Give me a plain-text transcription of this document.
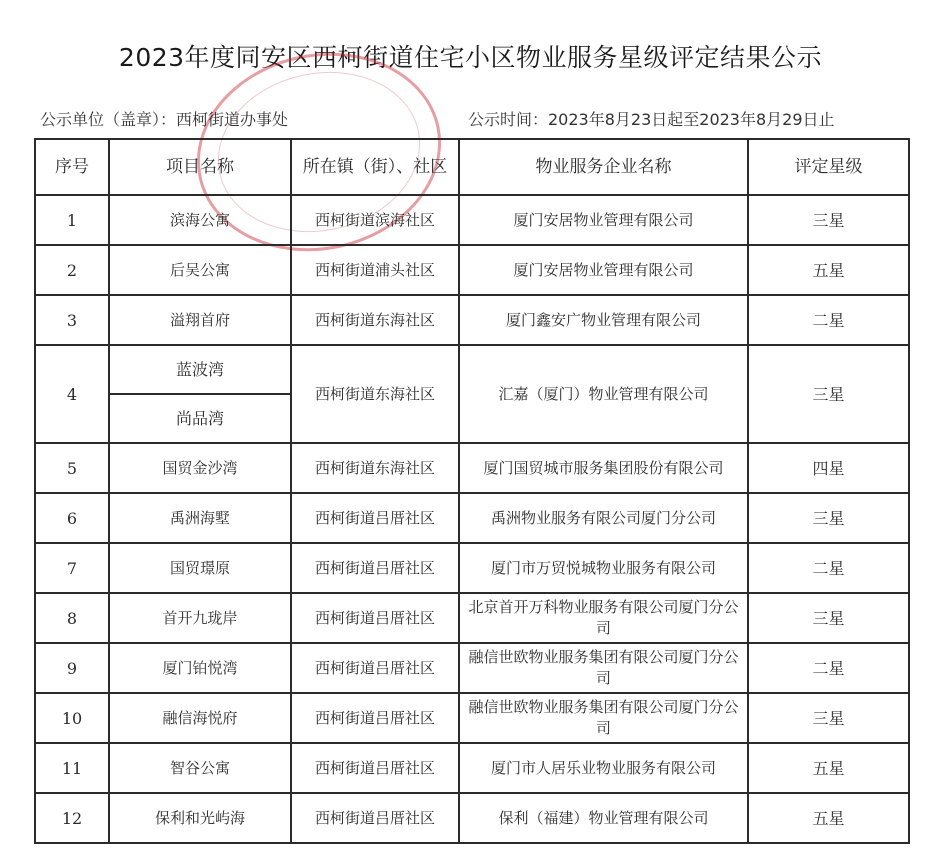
2023年度同安区西柯街道住宅小区物业服务星级评定结果公示
公示单位（盖章）：西柯街道办事处	公示时间：2023年8月23日起至2023年8月29日止
序号	项目名称	所在镇（街）、社区	物业服务企业名称	评定星级
1	滨海公寓	西柯街道滨海社区	厦门安居物业管理有限公司	三星
2	后吴公寓	西柯街道浦头社区	厦门安居物业管理有限公司	五星
3	溢翔首府	西柯街道东海社区	厦门鑫安广物业管理有限公司	二星
4	蓝波湾	西柯街道东海社区	汇嘉（厦门）物业管理有限公司	三星
	尚品湾			
5	国贸金沙湾	西柯街道东海社区	厦门国贸城市服务集团股份有限公司	四星
6	禹洲海墅	西柯街道吕厝社区	禹洲物业服务有限公司厦门分公司	三星
7	国贸璟原	西柯街道吕厝社区	厦门市万贸悦城物业服务有限公司	二星
8	首开九珑岸	西柯街道吕厝社区	北京首开万科物业服务有限公司厦门分公司	三星
9	厦门铂悦湾	西柯街道吕厝社区	融信世欧物业服务集团有限公司厦门分公司	二星
10	融信海悦府	西柯街道吕厝社区	融信世欧物业服务集团有限公司厦门分公司	三星
11	智谷公寓	西柯街道吕厝社区	厦门市人居乐业物业服务有限公司	五星
12	保利和光屿海	西柯街道吕厝社区	保利（福建）物业管理有限公司	五星
